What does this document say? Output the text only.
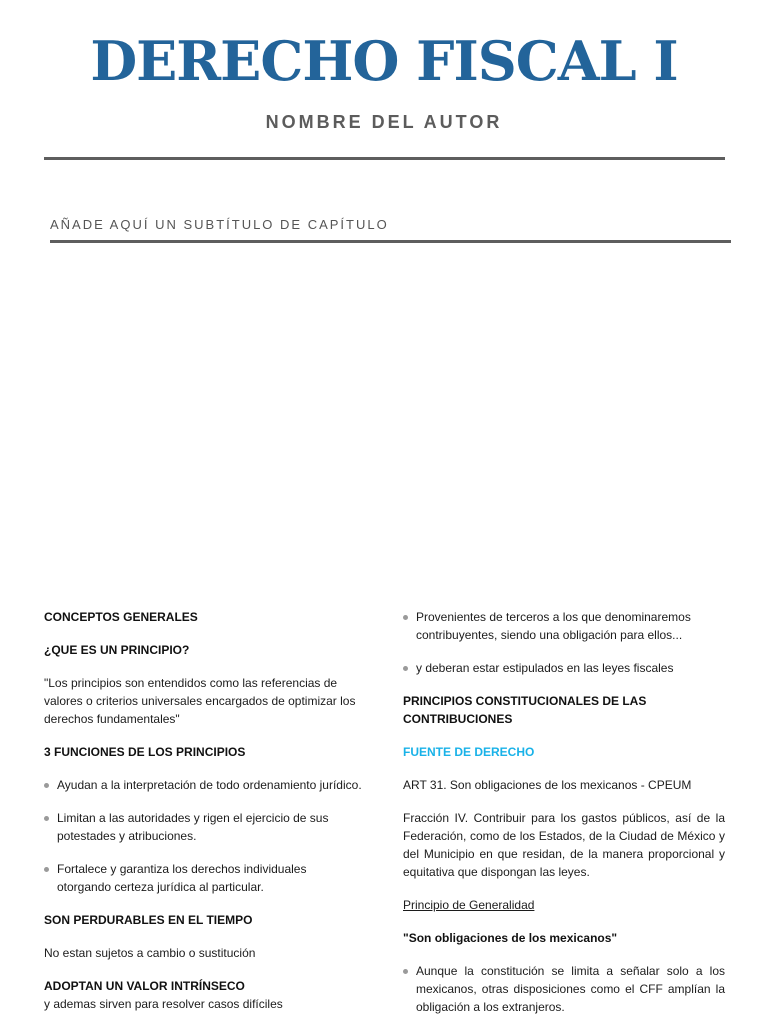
DERECHO FISCAL I
NOMBRE DEL AUTOR
AÑADE AQUÍ UN SUBTÍTULO DE CAPÍTULO

CONCEPTOS GENERALES

¿QUE ES UN PRINCIPIO?

"Los principios son entendidos como las referencias de valores o criterios universales encargados de optimizar los derechos fundamentales"

3 FUNCIONES DE LOS PRINCIPIOS

Ayudan a la interpretación de todo ordenamiento jurídico.
Limitan a las autoridades y rigen el ejercicio de sus potestades y atribuciones.
Fortalece y garantiza los derechos individuales otorgando certeza jurídica al particular.

SON PERDURABLES EN EL TIEMPO

No estan sujetos a cambio o sustitución

ADOPTAN UN VALOR INTRÍNSECO

y ademas sirven para resolver casos difíciles

Provenientes de terceros a los que denominaremos contribuyentes, siendo una obligación para ellos...
y deberan estar estipulados en las leyes fiscales

PRINCIPIOS CONSTITUCIONALES DE LAS CONTRIBUCIONES

FUENTE DE DERECHO

ART 31. Son obligaciones de los mexicanos - CPEUM

Fracción IV. Contribuir para los gastos públicos, así de la Federación, como de los Estados, de la Ciudad de México y del Municipio en que residan, de la manera proporcional y equitativa que dispongan las leyes.

Principio de Generalidad

"Son obligaciones de los mexicanos"

Aunque la constitución se limita a señalar solo a los mexicanos, otras disposiciones como el CFF amplían la obligación a los extranjeros.
